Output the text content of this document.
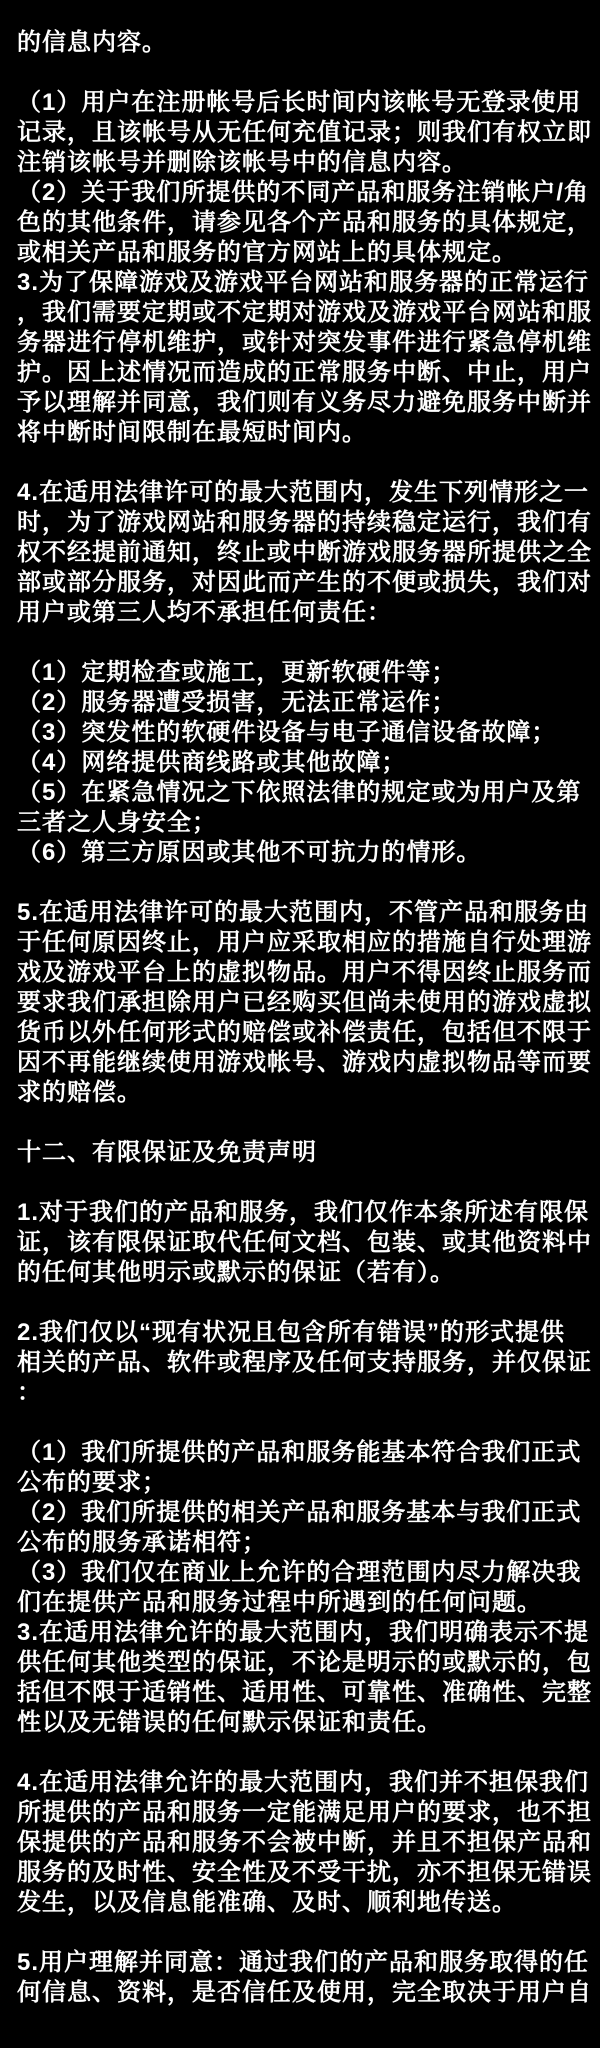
的信息内容。
（1）用户在注册帐号后长时间内该帐号无登录使用
记录，且该帐号从无任何充值记录；则我们有权立即
注销该帐号并删除该帐号中的信息内容。
（2）关于我们所提供的不同产品和服务注销帐户/角
色的其他条件，请参见各个产品和服务的具体规定，
或相关产品和服务的官方网站上的具体规定。
3.为了保障游戏及游戏平台网站和服务器的正常运行
，我们需要定期或不定期对游戏及游戏平台网站和服
务器进行停机维护，或针对突发事件进行紧急停机维
护。因上述情况而造成的正常服务中断、中止，用户
予以理解并同意，我们则有义务尽力避免服务中断并
将中断时间限制在最短时间内。
4.在适用法律许可的最大范围内，发生下列情形之一
时，为了游戏网站和服务器的持续稳定运行，我们有
权不经提前通知，终止或中断游戏服务器所提供之全
部或部分服务，对因此而产生的不便或损失，我们对
用户或第三人均不承担任何责任：
（1）定期检查或施工，更新软硬件等；
（2）服务器遭受损害，无法正常运作；
（3）突发性的软硬件设备与电子通信设备故障；
（4）网络提供商线路或其他故障；
（5）在紧急情况之下依照法律的规定或为用户及第
三者之人身安全；
（6）第三方原因或其他不可抗力的情形。
5.在适用法律许可的最大范围内，不管产品和服务由
于任何原因终止，用户应采取相应的措施自行处理游
戏及游戏平台上的虚拟物品。用户不得因终止服务而
要求我们承担除用户已经购买但尚未使用的游戏虚拟
货币以外任何形式的赔偿或补偿责任，包括但不限于
因不再能继续使用游戏帐号、游戏内虚拟物品等而要
求的赔偿。
十二、有限保证及免责声明
1.对于我们的产品和服务，我们仅作本条所述有限保
证，该有限保证取代任何文档、包装、或其他资料中
的任何其他明示或默示的保证（若有）。
2.我们仅以“现有状况且包含所有错误”的形式提供
相关的产品、软件或程序及任何支持服务，并仅保证
：
（1）我们所提供的产品和服务能基本符合我们正式
公布的要求；
（2）我们所提供的相关产品和服务基本与我们正式
公布的服务承诺相符；
（3）我们仅在商业上允许的合理范围内尽力解决我
们在提供产品和服务过程中所遇到的任何问题。
3.在适用法律允许的最大范围内，我们明确表示不提
供任何其他类型的保证，不论是明示的或默示的，包
括但不限于适销性、适用性、可靠性、准确性、完整
性以及无错误的任何默示保证和责任。
4.在适用法律允许的最大范围内，我们并不担保我们
所提供的产品和服务一定能满足用户的要求，也不担
保提供的产品和服务不会被中断，并且不担保产品和
服务的及时性、安全性及不受干扰，亦不担保无错误
发生，以及信息能准确、及时、顺利地传送。
5.用户理解并同意：通过我们的产品和服务取得的任
何信息、资料，是否信任及使用，完全取决于用户自
